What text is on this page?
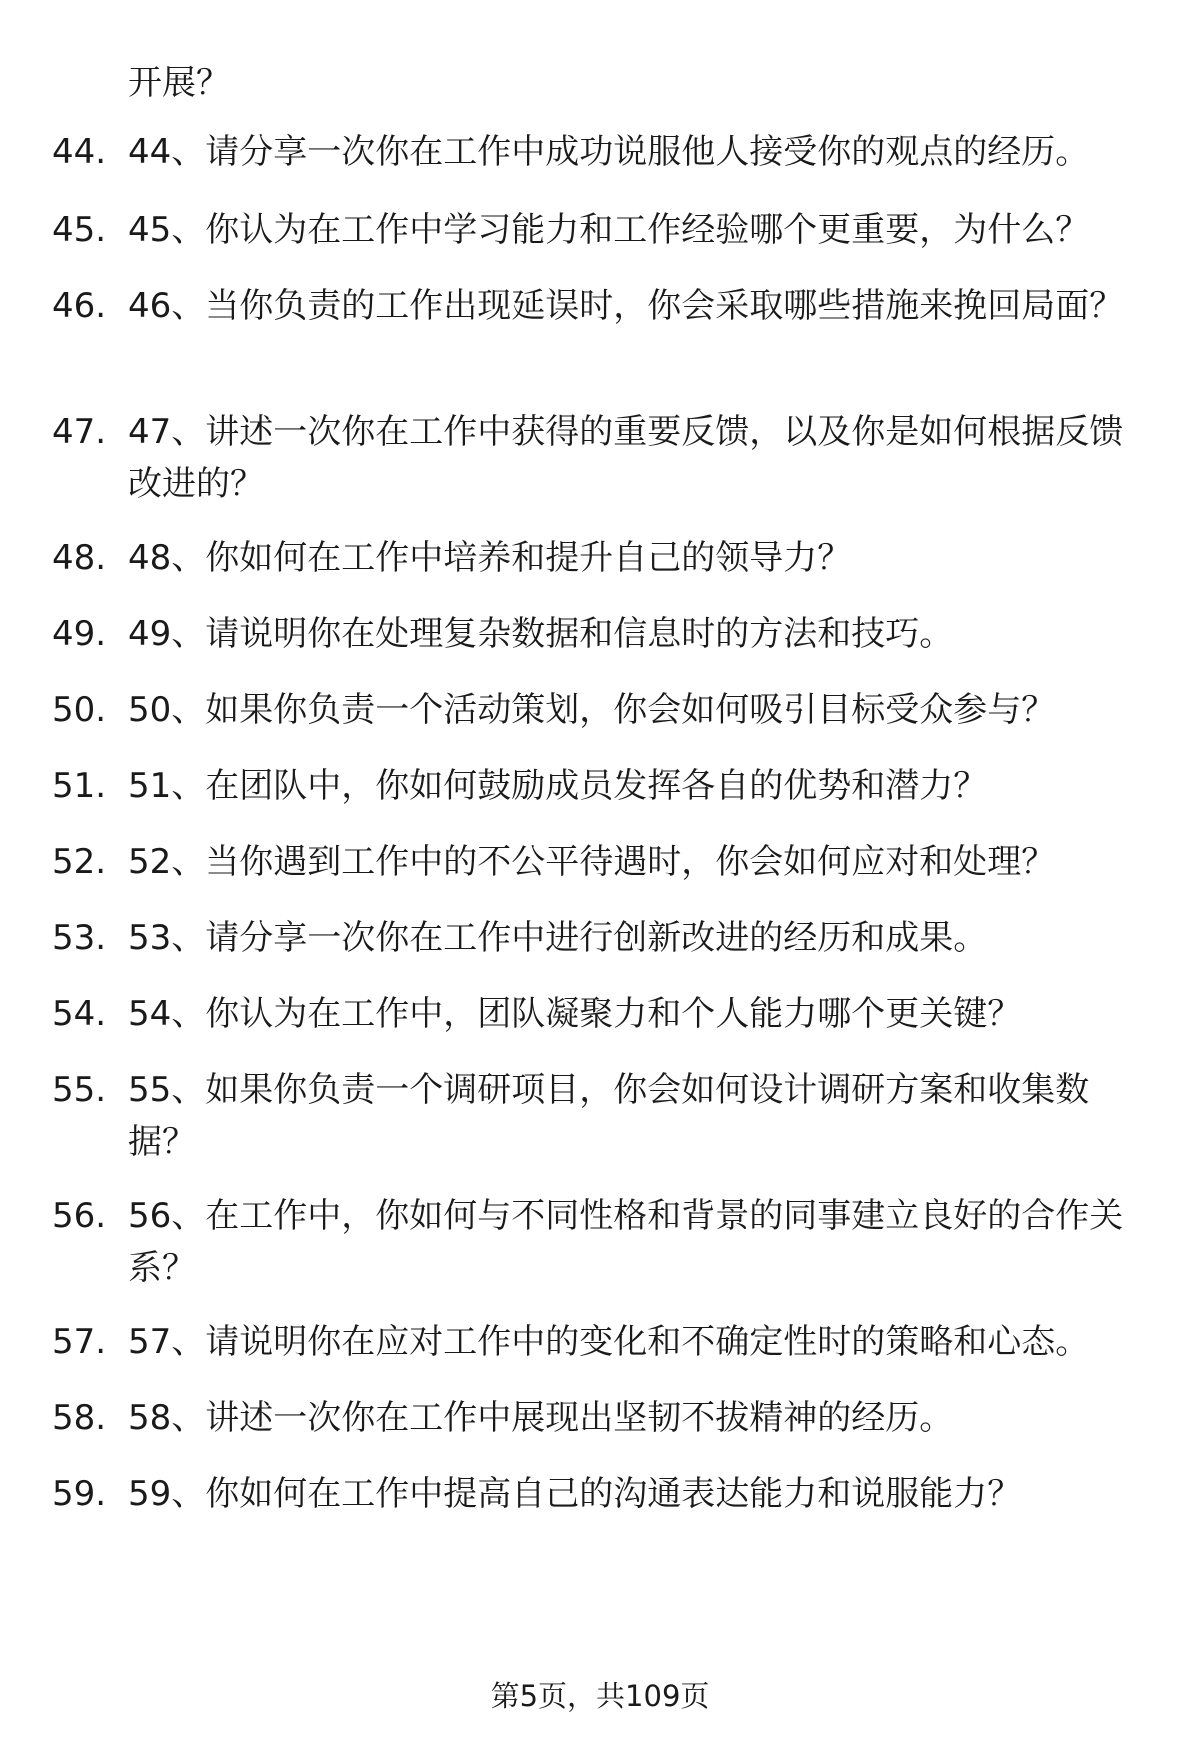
开展？
44. 44、请分享一次你在工作中成功说服他人接受你的观点的经历。
45. 45、你认为在工作中学习能力和工作经验哪个更重要，为什么？
46. 46、当你负责的工作出现延误时，你会采取哪些措施来挽回局面？
47. 47、讲述一次你在工作中获得的重要反馈，以及你是如何根据反馈改进的？
48. 48、你如何在工作中培养和提升自己的领导力？
49. 49、请说明你在处理复杂数据和信息时的方法和技巧。
50. 50、如果你负责一个活动策划，你会如何吸引目标受众参与？
51. 51、在团队中，你如何鼓励成员发挥各自的优势和潜力？
52. 52、当你遇到工作中的不公平待遇时，你会如何应对和处理？
53. 53、请分享一次你在工作中进行创新改进的经历和成果。
54. 54、你认为在工作中，团队凝聚力和个人能力哪个更关键？
55. 55、如果你负责一个调研项目，你会如何设计调研方案和收集数据？
56. 56、在工作中，你如何与不同性格和背景的同事建立良好的合作关系？
57. 57、请说明你在应对工作中的变化和不确定性时的策略和心态。
58. 58、讲述一次你在工作中展现出坚韧不拔精神的经历。
59. 59、你如何在工作中提高自己的沟通表达能力和说服能力？
第5页，共109页
